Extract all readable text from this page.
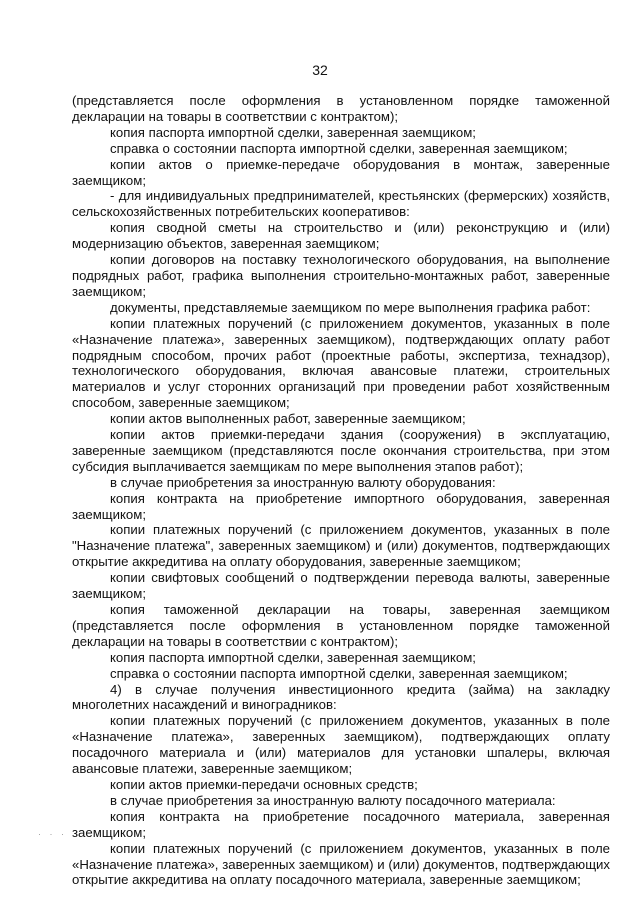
32

(представляется после оформления в установленном порядке таможенной декларации на товары в соответствии с контрактом);

копия паспорта импортной сделки, заверенная заемщиком;

справка о состоянии паспорта импортной сделки, заверенная заемщиком;

копии актов о приемке-передаче оборудования в монтаж, заверенные

заемщиком;

- для индивидуальных предпринимателей, крестьянских (фермерских) хозяйств, сельскохозяйственных потребительских кооперативов:

копия сводной сметы на строительство и (или) реконструкцию и (или) модернизацию объектов, заверенная заемщиком;

копии договоров на поставку технологического оборудования, на выполнение подрядных работ, графика выполнения строительно-монтажных работ, заверенные заемщиком;

документы, представляемые заемщиком по мере выполнения графика работ:

копии платежных поручений (с приложением документов, указанных в поле «Назначение платежа», заверенных заемщиком), подтверждающих оплату работ подрядным способом, прочих работ (проектные работы, экспертиза, технадзор), технологического оборудования, включая авансовые платежи, строительных материалов и услуг сторонних организаций при проведении работ хозяйственным способом, заверенные заемщиком;

копии актов выполненных работ, заверенные заемщиком;

копии актов приемки-передачи здания (сооружения) в эксплуатацию, заверенные заемщиком (представляются после окончания строительства, при этом субсидия выплачивается заемщикам по мере выполнения этапов работ);

в случае приобретения за иностранную валюту оборудования:

копия контракта на приобретение импортного оборудования, заверенная

заемщиком;

копии платежных поручений (с приложением документов, указанных в поле "Назначение платежа", заверенных заемщиком) и (или) документов, подтверждающих открытие аккредитива на оплату оборудования, заверенные заемщиком;

копии свифтовых сообщений о подтверждении перевода валюты, заверенные заемщиком;

копия таможенной декларации на товары, заверенная заемщиком

(представляется после оформления в установленном порядке таможенной декларации на товары в соответствии с контрактом);

копия паспорта импортной сделки, заверенная заемщиком;

справка о состоянии паспорта импортной сделки, заверенная заемщиком;

4) в случае получения инвестиционного кредита (займа) на закладку многолетних насаждений и виноградников:

копии платежных поручений (с приложением документов, указанных в поле «Назначение платежа», заверенных заемщиком), подтверждающих оплату посадочного материала и (или) материалов для установки шпалеры, включая авансовые платежи, заверенные заемщиком;

копии актов приемки-передачи основных средств;

в случае приобретения за иностранную валюту посадочного материала:

копия контракта на приобретение посадочного материала, заверенная

заемщиком;

копии платежных поручений (с приложением документов, указанных в поле «Назначение платежа», заверенных заемщиком) и (или) документов, подтверждающих открытие аккредитива на оплату посадочного материала, заверенные заемщиком;

· · ·
